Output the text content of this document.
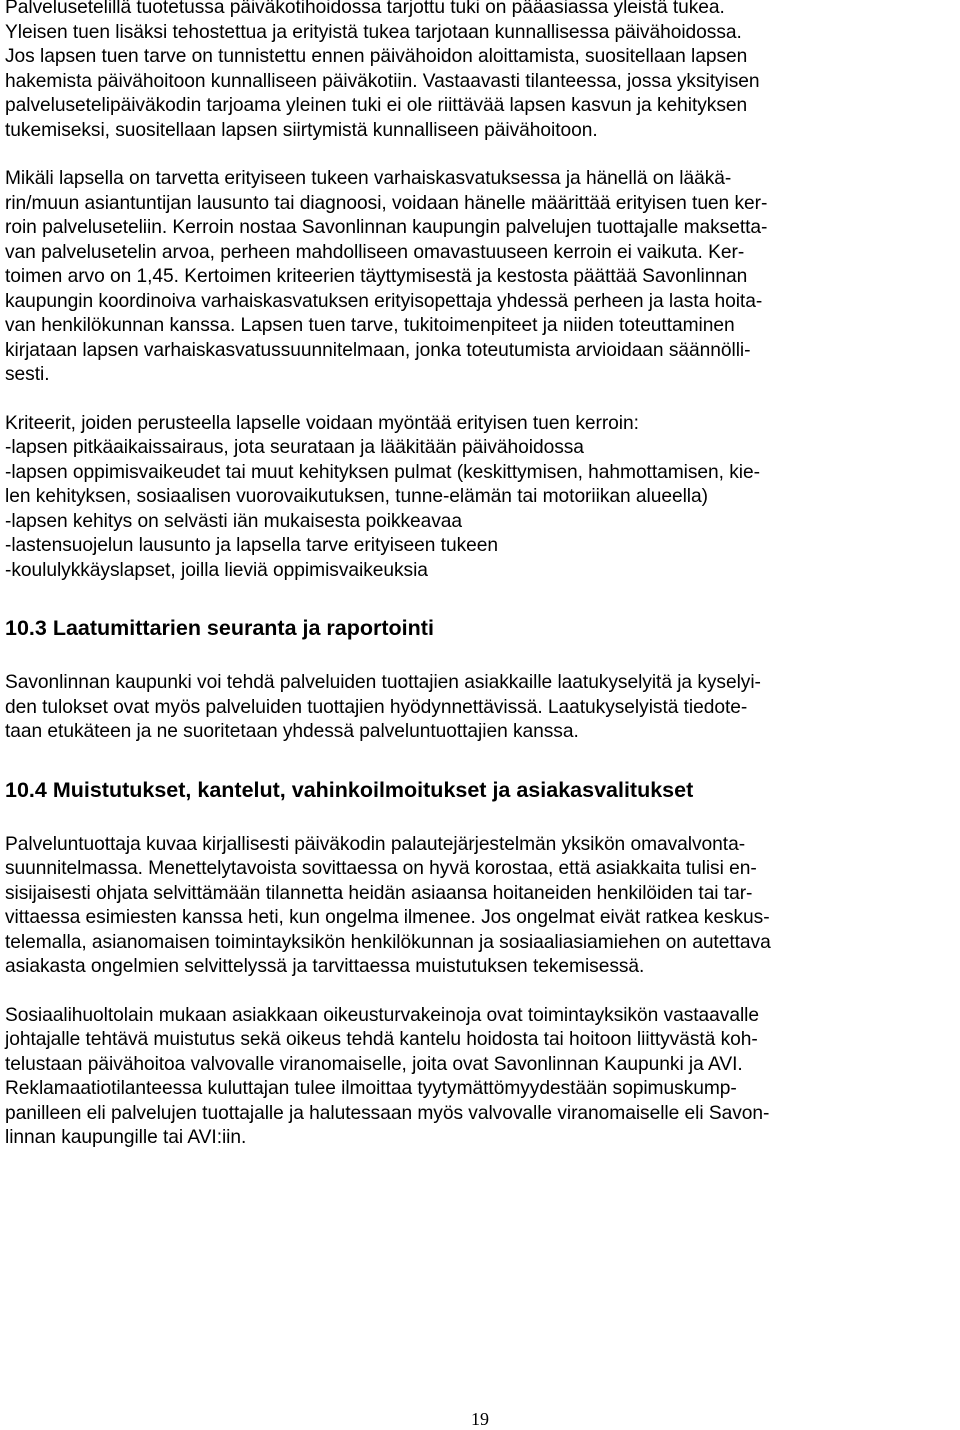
Palvelusetelillä tuotetussa päiväkotihoidossa tarjottu tuki on pääasiassa yleistä tukea.
Yleisen tuen lisäksi tehostettua ja erityistä tukea tarjotaan kunnallisessa päivähoidossa.
Jos lapsen tuen tarve on tunnistettu ennen päivähoidon aloittamista, suositellaan lapsen
hakemista päivähoitoon kunnalliseen päiväkotiin. Vastaavasti tilanteessa, jossa yksityisen
palvelusetelipäiväkodin tarjoama yleinen tuki ei ole riittävää lapsen kasvun ja kehityksen
tukemiseksi, suositellaan lapsen siirtymistä kunnalliseen päivähoitoon.
Mikäli lapsella on tarvetta erityiseen tukeen varhaiskasvatuksessa ja hänellä on lääkä-
rin/muun asiantuntijan lausunto tai diagnoosi, voidaan hänelle määrittää erityisen tuen ker-
roin palveluseteliin. Kerroin nostaa Savonlinnan kaupungin palvelujen tuottajalle maksetta-
van palvelusetelin arvoa, perheen mahdolliseen omavastuuseen kerroin ei vaikuta. Ker-
toimen arvo on 1,45. Kertoimen kriteerien täyttymisestä ja kestosta päättää Savonlinnan
kaupungin koordinoiva varhaiskasvatuksen erityisopettaja yhdessä perheen ja lasta hoita-
van henkilökunnan kanssa. Lapsen tuen tarve, tukitoimenpiteet ja niiden toteuttaminen
kirjataan lapsen varhaiskasvatussuunnitelmaan, jonka toteutumista arvioidaan säännölli-
sesti.
Kriteerit, joiden perusteella lapselle voidaan myöntää erityisen tuen kerroin:
-lapsen pitkäaikaissairaus, jota seurataan ja lääkitään päivähoidossa
-lapsen oppimisvaikeudet tai muut kehityksen pulmat (keskittymisen, hahmottamisen, kie-
len kehityksen, sosiaalisen vuorovaikutuksen, tunne-elämän tai motoriikan alueella)
-lapsen kehitys on selvästi iän mukaisesta poikkeavaa
-lastensuojelun lausunto ja lapsella tarve erityiseen tukeen
-koululykkäyslapset, joilla lieviä oppimisvaikeuksia
10.3 Laatumittarien seuranta ja raportointi
Savonlinnan kaupunki voi tehdä palveluiden tuottajien asiakkaille laatukyselyitä ja kyselyi-
den tulokset ovat myös palveluiden tuottajien hyödynnettävissä. Laatukyselyistä tiedote-
taan etukäteen ja ne suoritetaan yhdessä palveluntuottajien kanssa.
10.4 Muistutukset, kantelut, vahinkoilmoitukset ja asiakasvalitukset
Palveluntuottaja kuvaa kirjallisesti päiväkodin palautejärjestelmän yksikön omavalvonta-
suunnitelmassa. Menettelytavoista sovittaessa on hyvä korostaa, että asiakkaita tulisi en-
sisijaisesti ohjata selvittämään tilannetta heidän asiaansa hoitaneiden henkilöiden tai tar-
vittaessa esimiesten kanssa heti, kun ongelma ilmenee. Jos ongelmat eivät ratkea keskus-
telemalla, asianomaisen toimintayksikön henkilökunnan ja sosiaaliasiamiehen on autettava
asiakasta ongelmien selvittelyssä ja tarvittaessa muistutuksen tekemisessä.
Sosiaalihuoltolain mukaan asiakkaan oikeusturvakeinoja ovat toimintayksikön vastaavalle
johtajalle tehtävä muistutus sekä oikeus tehdä kantelu hoidosta tai hoitoon liittyvästä koh-
telustaan päivähoitoa valvovalle viranomaiselle, joita ovat Savonlinnan Kaupunki ja AVI.
Reklamaatiotilanteessa kuluttajan tulee ilmoittaa tyytymättömyydestään sopimuskump-
panilleen eli palvelujen tuottajalle ja halutessaan myös valvovalle viranomaiselle eli Savon-
linnan kaupungille tai AVI:iin.
19
